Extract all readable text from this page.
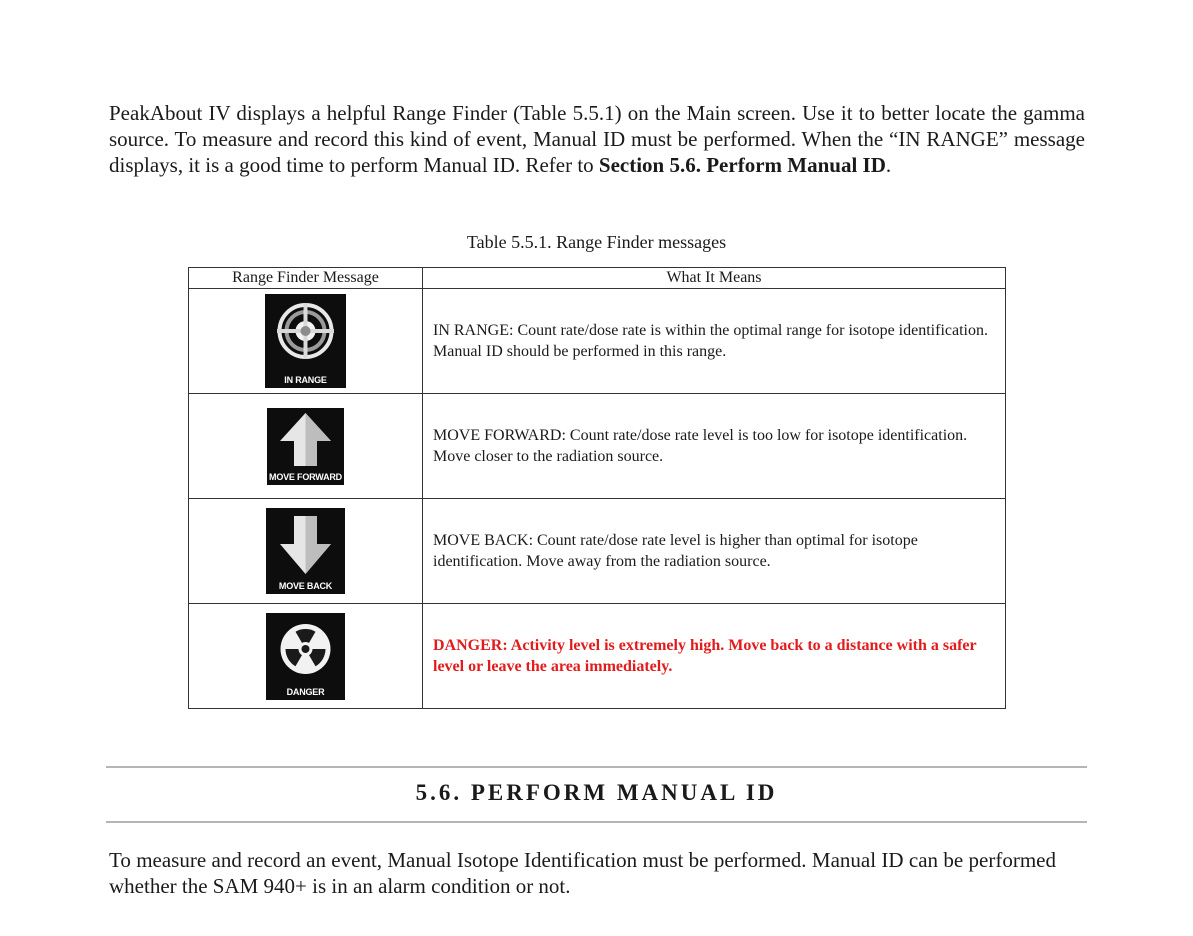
PeakAbout IV displays a helpful Range Finder (Table 5.5.1) on the Main screen. Use it to better locate the gamma source. To measure and record this kind of event, Manual ID must be performed. When the “IN RANGE” message displays, it is a good time to perform Manual ID. Refer to Section 5.6. Perform Manual ID.

Table 5.5.1. Range Finder messages

Range Finder Message	What It Means

IN RANGE	IN RANGE: Count rate/dose rate is within the optimal range for isotope identification. Manual ID should be performed in this range.

MOVE FORWARD	MOVE FORWARD: Count rate/dose rate level is too low for isotope identification. Move closer to the radiation source.

MOVE BACK	MOVE BACK: Count rate/dose rate level is higher than optimal for isotope identification. Move away from the radiation source.

DANGER	DANGER: Activity level is extremely high. Move back to a distance with a safer level or leave the area immediately.
5.6. PERFORM MANUAL ID

To measure and record an event, Manual Isotope Identification must be performed. Manual ID can be performed whether the SAM 940+ is in an alarm condition or not.
